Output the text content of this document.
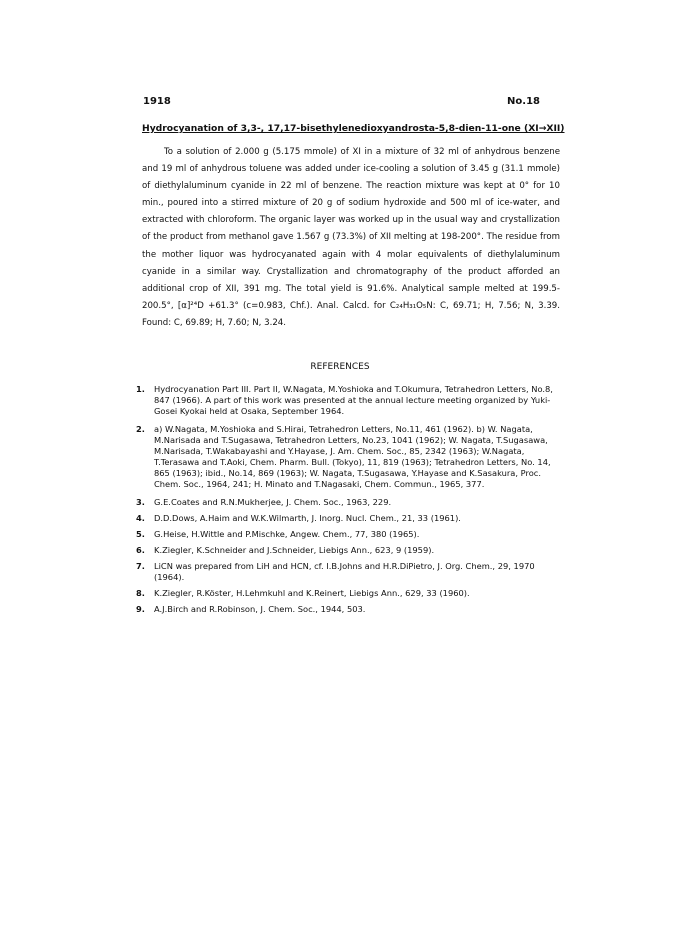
1918	No.18
Hydrocyanation of 3,3-, 17,17-bisethylenedioxyandrosta-5,8-dien-11-one (XI→XII)

To a solution of 2.000 g (5.175 mmole) of XI in a mixture of 32 ml of anhydrous benzene and 19 ml of anhydrous toluene was added under ice-cooling a solution of 3.45 g (31.1 mmole) of diethylaluminum cyanide in 22 ml of benzene. The reaction mixture was kept at 0° for 10 min., poured into a stirred mixture of 20 g of sodium hydroxide and 500 ml of ice-water, and extracted with chloroform. The organic layer was worked up in the usual way and crystallization of the product from methanol gave 1.567 g (73.3%) of XII melting at 198-200°. The residue from the mother liquor was hydrocyanated again with 4 molar equivalents of diethylaluminum cyanide in a similar way. Crystallization and chromatography of the product afforded an additional crop of XII, 391 mg. The total yield is 91.6%. Analytical sample melted at 199.5-200.5°, [α]²⁴D +61.3° (c=0.983, Chf.). Anal. Calcd. for C₂₄H₃₁O₅N: C, 69.71; H, 7.56; N, 3.39. Found: C, 69.89; H, 7.60; N, 3.24.

REFERENCES
1.	Hydrocyanation Part III. Part II, W.Nagata, M.Yoshioka and T.Okumura, Tetrahedron Letters, No.8, 847 (1966). A part of this work was presented at the annual lecture meeting organized by Yuki-Gosei Kyokai held at Osaka, September 1964.
2.	a) W.Nagata, M.Yoshioka and S.Hirai, Tetrahedron Letters, No.11, 461 (1962). b) W. Nagata, M.Narisada and T.Sugasawa, Tetrahedron Letters, No.23, 1041 (1962); W. Nagata, T.Sugasawa, M.Narisada, T.Wakabayashi and Y.Hayase, J. Am. Chem. Soc., 85, 2342 (1963); W.Nagata, T.Terasawa and T.Aoki, Chem. Pharm. Bull. (Tokyo), 11, 819 (1963); Tetrahedron Letters, No. 14, 865 (1963); ibid., No.14, 869 (1963); W. Nagata, T.Sugasawa, Y.Hayase and K.Sasakura, Proc. Chem. Soc., 1964, 241; H. Minato and T.Nagasaki, Chem. Commun., 1965, 377.
3.	G.E.Coates and R.N.Mukherjee, J. Chem. Soc., 1963, 229.
4.	D.D.Dows, A.Haim and W.K.Wilmarth, J. Inorg. Nucl. Chem., 21, 33 (1961).
5.	G.Heise, H.Wittle and P.Mischke, Angew. Chem., 77, 380 (1965).
6.	K.Ziegler, K.Schneider and J.Schneider, Liebigs Ann., 623, 9 (1959).
7.	LiCN was prepared from LiH and HCN, cf. I.B.Johns and H.R.DiPietro, J. Org. Chem., 29, 1970 (1964).
8.	K.Ziegler, R.Köster, H.Lehmkuhl and K.Reinert, Liebigs Ann., 629, 33 (1960).
9.	A.J.Birch and R.Robinson, J. Chem. Soc., 1944, 503.
